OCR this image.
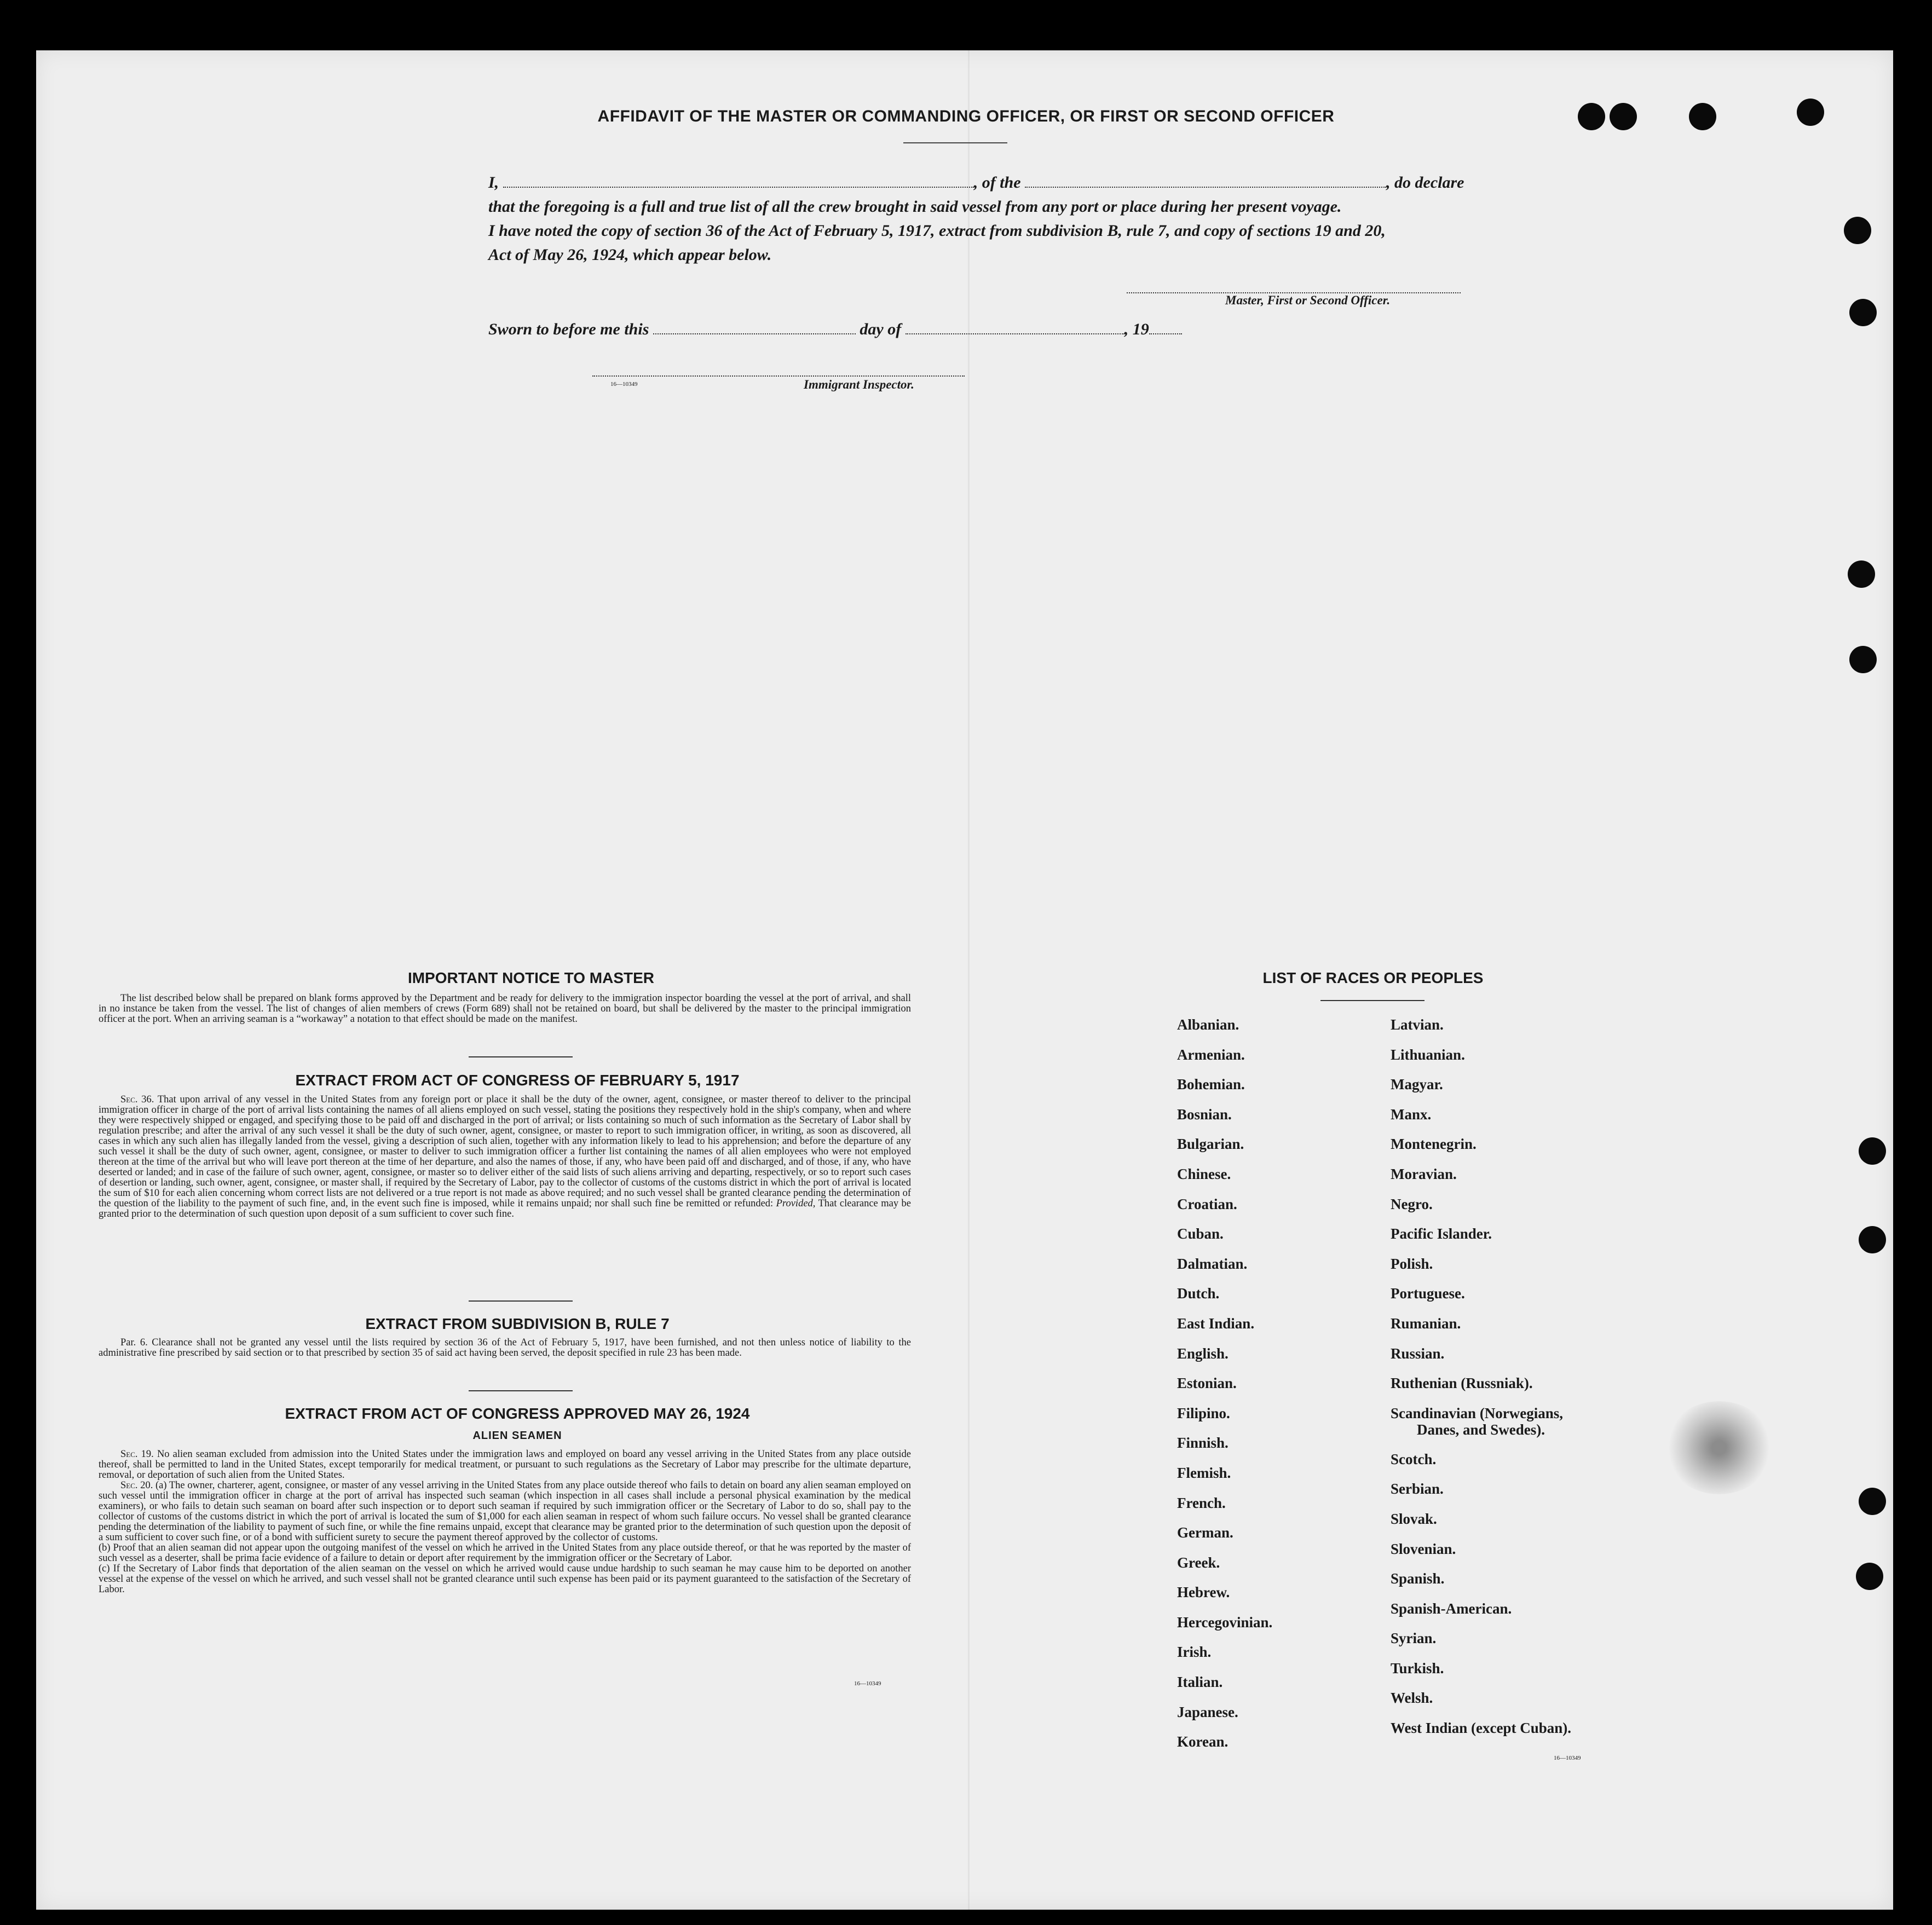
AFFIDAVIT OF THE MASTER OR COMMANDING OFFICER, OR FIRST OR SECOND OFFICER
I,	, of the	, do declare
that the foregoing is a full and true list of all the crew brought in said vessel from any port or place during her present voyage.
I have noted the copy of section 36 of the Act of February 5, 1917, extract from subdivision B, rule 7, and copy of sections 19 and 20,
Act of May 26, 1924, which appear below.
Master, First or Second Officer.
Sworn to before me this	day of	, 19
16—10349	Immigrant Inspector.
IMPORTANT NOTICE TO MASTER

The list described below shall be prepared on blank forms approved by the Department and be ready for delivery to the immigration inspector boarding the vessel at the port of arrival, and shall in no instance be taken from the vessel. The list of changes of alien members of crews (Form 689) shall not be retained on board, but shall be delivered by the master to the principal immigration officer at the port. When an arriving seaman is a “workaway” a notation to that effect should be made on the manifest.

EXTRACT FROM ACT OF CONGRESS OF FEBRUARY 5, 1917

Sec. 36. That upon arrival of any vessel in the United States from any foreign port or place it shall be the duty of the owner, agent, consignee, or master thereof to deliver to the principal immigration officer in charge of the port of arrival lists containing the names of all aliens employed on such vessel, stating the positions they respectively hold in the ship's company, when and where they were respectively shipped or engaged, and specifying those to be paid off and discharged in the port of arrival; or lists containing so much of such information as the Secretary of Labor shall by regulation prescribe; and after the arrival of any such vessel it shall be the duty of such owner, agent, consignee, or master to report to such immigration officer, in writing, as soon as discovered, all cases in which any such alien has illegally landed from the vessel, giving a description of such alien, together with any information likely to lead to his apprehension; and before the departure of any such vessel it shall be the duty of such owner, agent, consignee, or master to deliver to such immigration officer a further list containing the names of all alien employees who were not employed thereon at the time of the arrival but who will leave port thereon at the time of her departure, and also the names of those, if any, who have been paid off and discharged, and of those, if any, who have deserted or landed; and in case of the failure of such owner, agent, consignee, or master so to deliver either of the said lists of such aliens arriving and departing, respectively, or so to report such cases of desertion or landing, such owner, agent, consignee, or master shall, if required by the Secretary of Labor, pay to the collector of customs of the customs district in which the port of arrival is located the sum of $10 for each alien concerning whom correct lists are not delivered or a true report is not made as above required; and no such vessel shall be granted clearance pending the determination of the question of the liability to the payment of such fine, and, in the event such fine is imposed, while it remains unpaid; nor shall such fine be remitted or refunded: Provided, That clearance may be granted prior to the determination of such question upon deposit of a sum sufficient to cover such fine.

EXTRACT FROM SUBDIVISION B, RULE 7

Par. 6. Clearance shall not be granted any vessel until the lists required by section 36 of the Act of February 5, 1917, have been furnished, and not then unless notice of liability to the administrative fine prescribed by said section or to that prescribed by section 35 of said act having been served, the deposit specified in rule 23 has been made.

EXTRACT FROM ACT OF CONGRESS APPROVED MAY 26, 1924
ALIEN SEAMEN

Sec. 19. No alien seaman excluded from admission into the United States under the immigration laws and employed on board any vessel arriving in the United States from any place outside thereof, shall be permitted to land in the United States, except temporarily for medical treatment, or pursuant to such regulations as the Secretary of Labor may prescribe for the ultimate departure, removal, or deportation of such alien from the United States.

Sec. 20. (a) The owner, charterer, agent, consignee, or master of any vessel arriving in the United States from any place outside thereof who fails to detain on board any alien seaman employed on such vessel until the immigration officer in charge at the port of arrival has inspected such seaman (which inspection in all cases shall include a personal physical examination by the medical examiners), or who fails to detain such seaman on board after such inspection or to deport such seaman if required by such immigration officer or the Secretary of Labor to do so, shall pay to the collector of customs of the customs district in which the port of arrival is located the sum of $1,000 for each alien seaman in respect of whom such failure occurs. No vessel shall be granted clearance pending the determination of the liability to payment of such fine, or while the fine remains unpaid, except that clearance may be granted prior to the determination of such question upon the deposit of a sum sufficient to cover such fine, or of a bond with sufficient surety to secure the payment thereof approved by the collector of customs.

(b) Proof that an alien seaman did not appear upon the outgoing manifest of the vessel on which he arrived in the United States from any place outside thereof, or that he was reported by the master of such vessel as a deserter, shall be prima facie evidence of a failure to detain or deport after requirement by the immigration officer or the Secretary of Labor.

(c) If the Secretary of Labor finds that deportation of the alien seaman on the vessel on which he arrived would cause undue hardship to such seaman he may cause him to be deported on another vessel at the expense of the vessel on which he arrived, and such vessel shall not be granted clearance until such expense has been paid or its payment guaranteed to the satisfaction of the Secretary of Labor.

16—10349
LIST OF RACES OR PEOPLES
Albanian.
Armenian.
Bohemian.
Bosnian.
Bulgarian.
Chinese.
Croatian.
Cuban.
Dalmatian.
Dutch.
East Indian.
English.
Estonian.
Filipino.
Finnish.
Flemish.
French.
German.
Greek.
Hebrew.
Hercegovinian.
Irish.
Italian.
Japanese.
Korean.
Latvian.
Lithuanian.
Magyar.
Manx.
Montenegrin.
Moravian.
Negro.
Pacific Islander.
Polish.
Portuguese.
Rumanian.
Russian.
Ruthenian (Russniak).
Scandinavian (Norwegians,
Danes, and Swedes).
Scotch.
Serbian.
Slovak.
Slovenian.
Spanish.
Spanish-American.
Syrian.
Turkish.
Welsh.
West Indian (except Cuban).
16—10349
